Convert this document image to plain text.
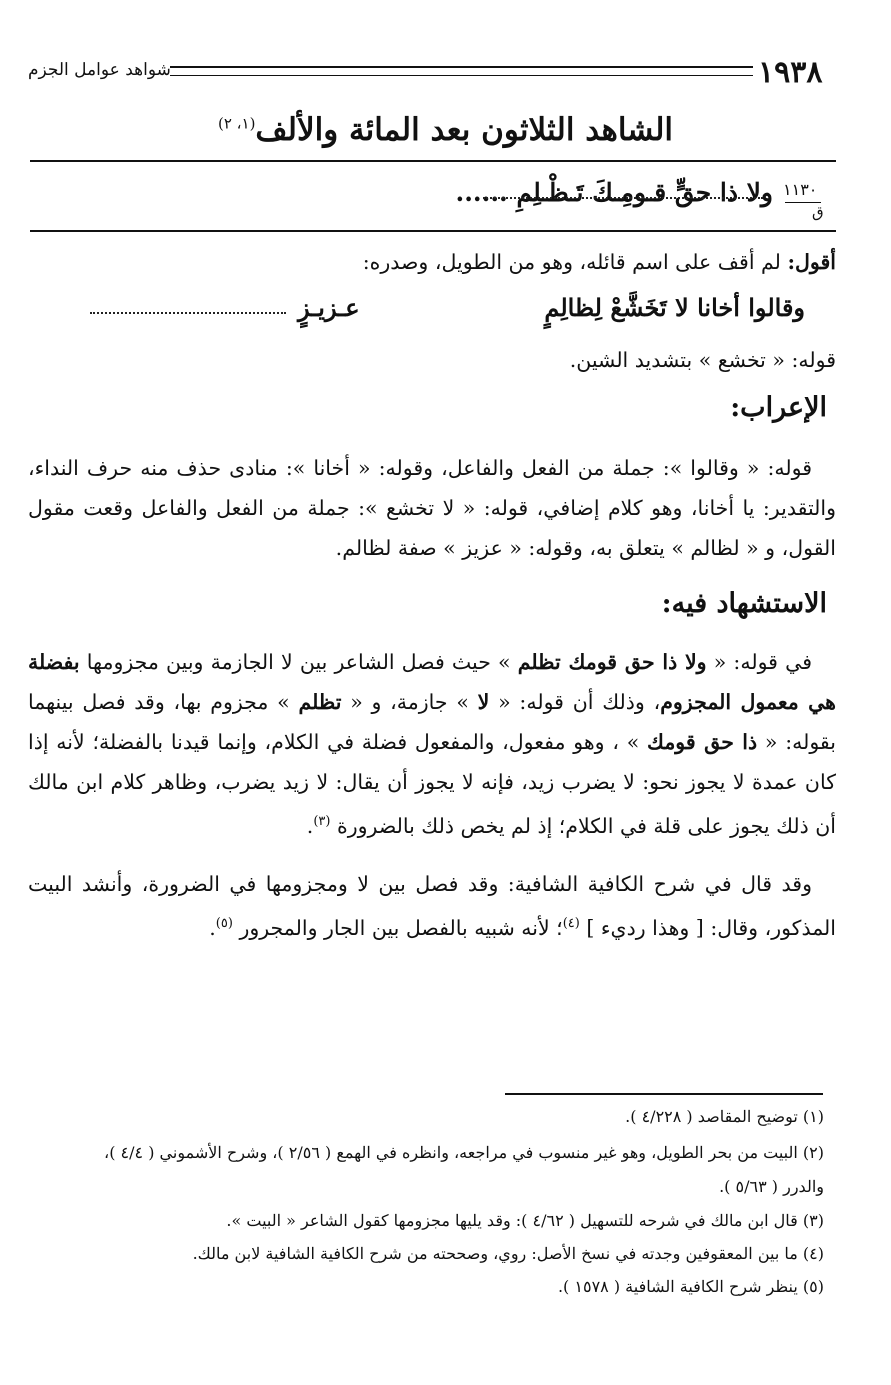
١٩٣٨
شواهد عوامل الجزم
الشاهد الثلاثون بعد المائة والألف$^{(١، ٢)}$
١١٣٠
ق
ولا ذا حقٍّ قـومِـكَ تَـظْـلِمِ ......
أقول: لم أقف على اسم قائله، وهو من الطويل، وصدره:
وقالوا أخانا لا تَخَشَّعْ لِظالِمٍ
عـزيـزٍ
قوله: « تخشع » بتشديد الشين.
الإعراب:
قوله: « وقالوا »: جملة من الفعل والفاعل، وقوله: « أخانا »: منادى حذف منه حرف النداء، والتقدير: يا أخانا، وهو كلام إضافي، قوله: « لا تخشع »: جملة من الفعل والفاعل وقعت مقول القول، و « لظالم » يتعلق به، وقوله: « عزيز » صفة لظالم.
الاستشهاد فيه:
في قوله: « ولا ذا حق قومك تظلم » حيث فصل الشاعر بين لا الجازمة وبين مجزومها بفضلة هي معمول المجزوم، وذلك أن قوله: « لا » جازمة، و « تظلم » مجزوم بها، وقد فصل بينهما بقوله: « ذا حق قومك » ، وهو مفعول، والمفعول فضلة في الكلام، وإنما قيدنا بالفضلة؛ لأنه إذا كان عمدة لا يجوز نحو: لا يضرب زيد، فإنه لا يجوز أن يقال: لا زيد يضرب، وظاهر كلام ابن مالك أن ذلك يجوز على قلة في الكلام؛ إذ لم يخص ذلك بالضرورة $^{(٣)}$.
وقد قال في شرح الكافية الشافية: وقد فصل بين لا ومجزومها في الضرورة، وأنشد البيت المذكور، وقال: [ وهذا رديء ] $^{(٤)}$؛ لأنه شبيه بالفصل بين الجار والمجرور $^{(٥)}$.
(١) توضيح المقاصد ( ٤/٢٢٨ ).
(٢) البيت من بحر الطويل، وهو غير منسوب في مراجعه، وانظره في الهمع ( ٢/٥٦ )، وشرح الأشموني ( ٤/٤ )،
والدرر ( ٥/٦٣ ).
(٣) قال ابن مالك في شرحه للتسهيل ( ٤/٦٢ ): وقد يليها مجزومها كقول الشاعر « البيت ».
(٤) ما بين المعقوفين وجدته في نسخ الأصل: روي، وصححته من شرح الكافية الشافية لابن مالك.
(٥) ينظر شرح الكافية الشافية ( ١٥٧٨ ).
